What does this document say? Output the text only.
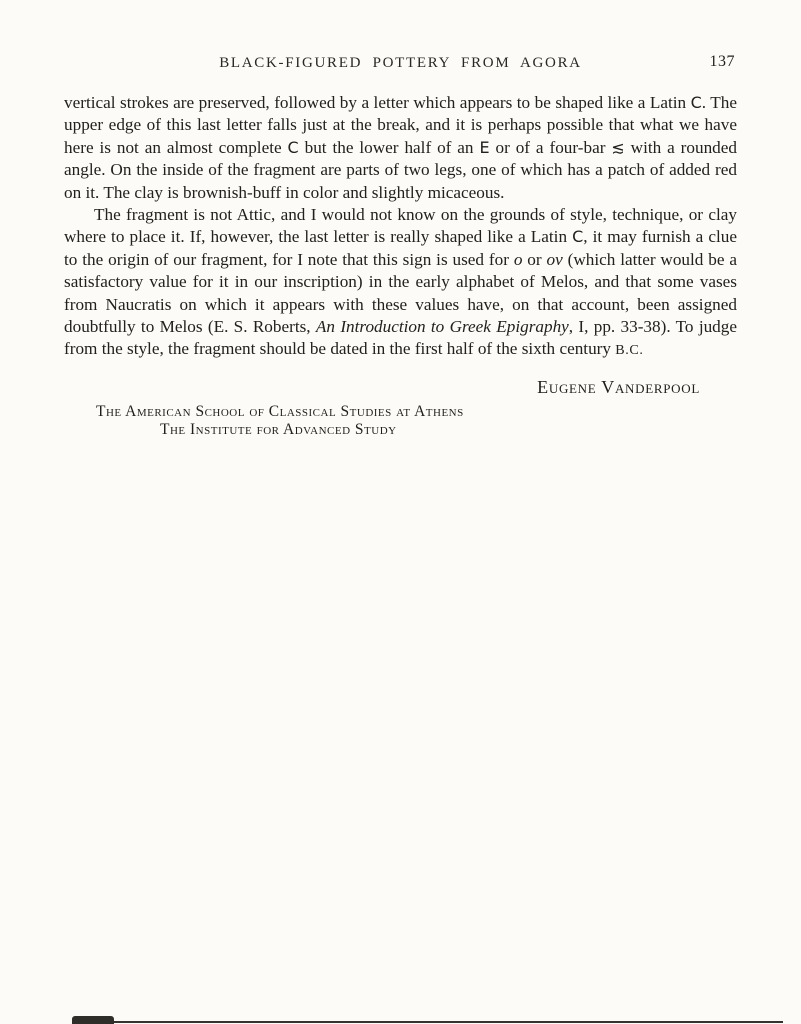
BLACK-FIGURED POTTERY FROM AGORA	137

vertical strokes are preserved, followed by a letter which appears to be shaped like a Latin C. The upper edge of this last letter falls just at the break, and it is perhaps possible that what we have here is not an almost complete C but the lower half of an E or of a four-bar ≲ with a rounded angle. On the inside of the fragment are parts of two legs, one of which has a patch of added red on it. The clay is brownish-buff in color and slightly micaceous.

The fragment is not Attic, and I would not know on the grounds of style, technique, or clay where to place it. If, however, the last letter is really shaped like a Latin C, it may furnish a clue to the origin of our fragment, for I note that this sign is used for o or ov (which latter would be a satisfactory value for it in our inscription) in the early alphabet of Melos, and that some vases from Naucratis on which it appears with these values have, on that account, been assigned doubtfully to Melos (E. S. Roberts, An Introduction to Greek Epigraphy, I, pp. 33-38). To judge from the style, the fragment should be dated in the first half of the sixth century B.C.

Eugene Vanderpool

The American School of Classical Studies at Athens

The Institute for Advanced Study
